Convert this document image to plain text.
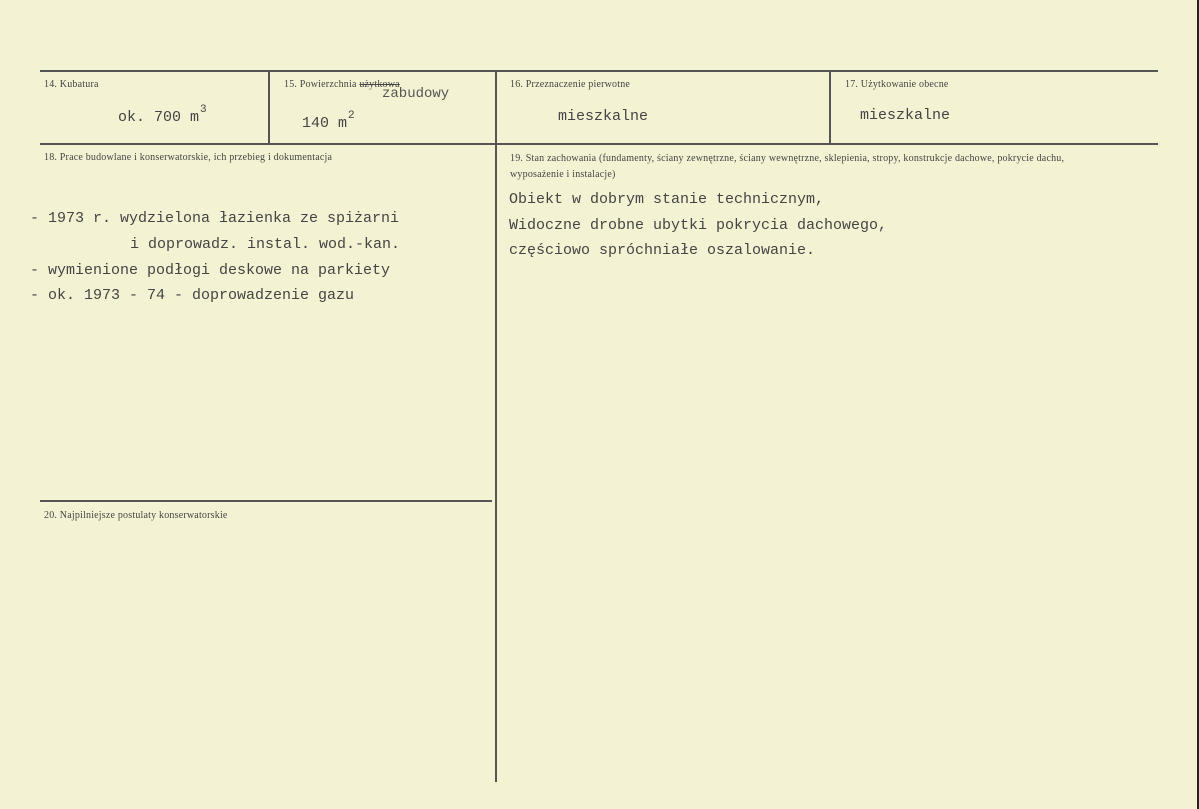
14. Kubatura
ok. 700 $m^3$
15. Powierzchnia użytkowa
zabudowy
140 $m^2$
16. Przeznaczenie pierwotne
mieszkalne
17. Użytkowanie obecne
mieszkalne
18. Prace budowlane i konserwatorskie, ich przebieg i dokumentacja
- 1973 r. wydzielona łazienka ze spiżarni
i doprowadz. instal. wod.-kan.
- wymienione podłogi deskowe na parkiety
- ok. 1973 - 74 - doprowadzenie gazu
19. Stan zachowania (fundamenty, ściany zewnętrzne, ściany wewnętrzne, sklepienia, stropy, konstrukcje dachowe, pokrycie dachu, wyposażenie i instalacje)
Obiekt w dobrym stanie technicznym,
Widoczne drobne ubytki pokrycia dachowego,
częściowo spróchniałe oszalowanie.
20. Najpilniejsze postulaty konserwatorskie
